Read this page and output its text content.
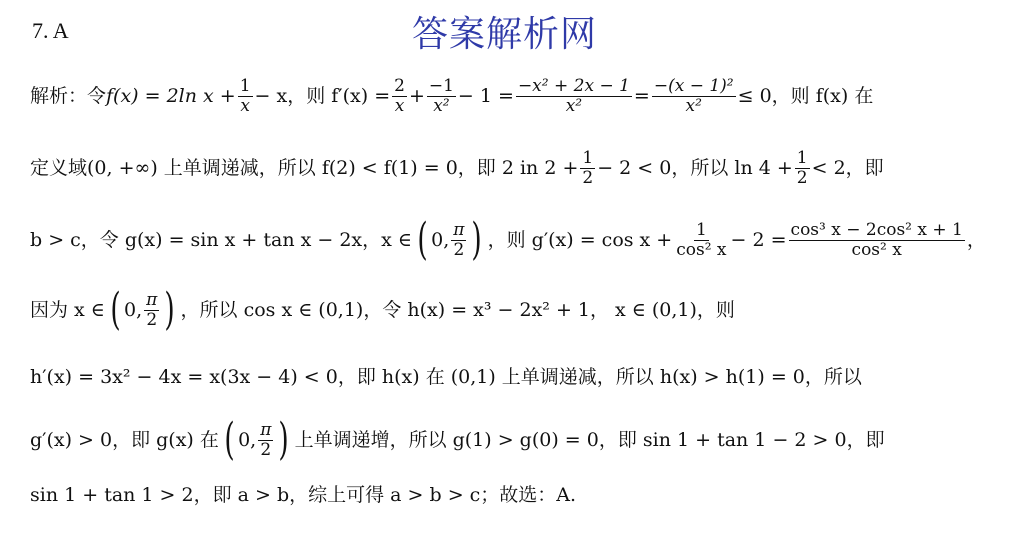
7. A	答案解析网
解析：令 f(x) = 2ln $x + \frac{1}{x} - x$，则 $f'(x) = \frac{2}{x} + \frac{-1}{\text{x²}} - 1 = \frac{\text{−x² + 2x − 1}}{\text{x²}} = \frac{\text{−(x − 1)²}}{\text{x²}} \le 0$，则 f(x) 在
定义域(0, +∞) 上单调递减，所以 f(2) < f(1) = 0，即 2 in $2 + \frac{1}{2} - 2 < 0$，所以 $\ln 4 + \frac{1}{2} < 2$，即
b > c，令 g(x) = sin x + tan x − 2x，x ∈ ( 0, $\frac{\pi}{2}$ ) ，则 $g'(x) = \cos x + \frac{1}{\text{cos² x}} - 2 = \frac{\text{cos³ x − 2cos² x + 1}}{\text{cos² x}}$ ，
因为 x ∈ ( 0, $\frac{\pi}{2}$ ) ，所以 cos x ∈ (0,1)，令 h(x) = x³ − 2x² + 1， x ∈ (0,1)，则
h′(x) = 3x² − 4x = x(3x − 4) < 0，即 h(x) 在 (0,1) 上单调递减，所以 h(x) > h(1) = 0，所以
g′(x) > 0，即 g(x) 在 ( 0, $\frac{\pi}{2}$ ) 上单调递增，所以 g(1) > g(0) = 0，即 sin 1 + tan 1 − 2 > 0，即
sin 1 + tan 1 > 2，即 a > b，综上可得 a > b > c；故选：A.
